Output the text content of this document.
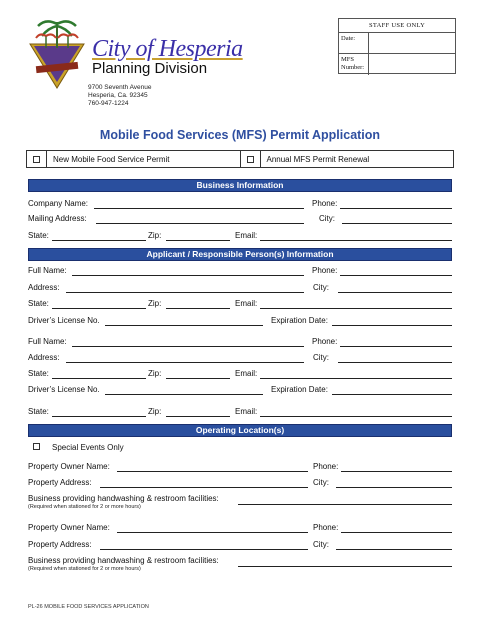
City of Hesperia
Planning Division
9700 Seventh Avenue
Hesperia, Ca. 92345
760-947-1224
STAFF USE ONLY
Date:
MFS Number:
Mobile Food Services (MFS) Permit Application
New Mobile Food Service Permit	Annual MFS Permit Renewal
Business Information
Company Name:	Phone:
Mailing Address:	City:
State:	Zip:	Email:
Applicant / Responsible Person(s) Information
Full Name:	Phone:
Address:	City:
State:	Zip:	Email:
Driver’s License No.	Expiration Date:
Full Name:	Phone:
Address:	City:
State:	Zip:	Email:
Driver’s License No.	Expiration Date:
State:	Zip:	Email:
Operating Location(s)
Special Events Only
Property Owner Name:	Phone:
Property Address:	City:
Business providing handwashing & restroom facilities:
(Required when stationed for 2 or more hours)
Property Owner Name:	Phone:
Property Address:	City:
Business providing handwashing & restroom facilities:
(Required when stationed for 2 or more hours)
PL-26 MOBILE FOOD SERVICES APPLICATION
